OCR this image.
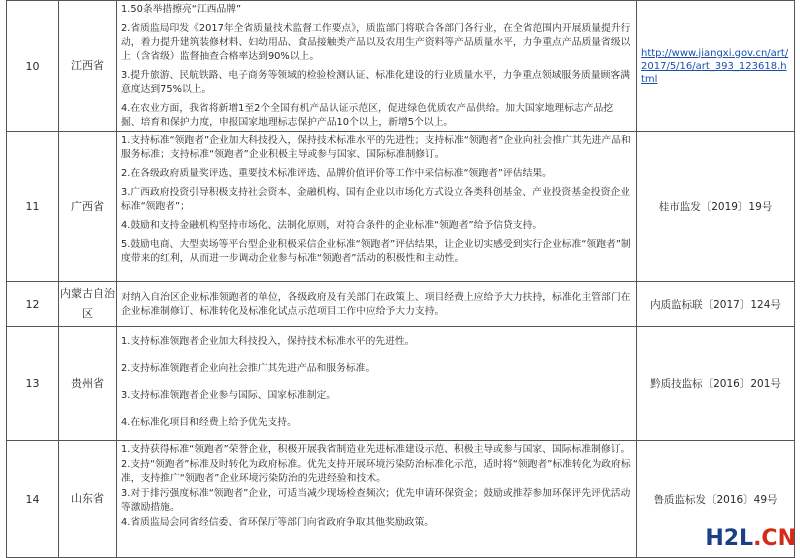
10	江西省	1.50条举措擦亮“江西品牌”

2.省质监局印发《2017年全省质量技术监督工作要点》，质监部门将联合各部门各行业，在全省范围内开展质量提升行动，着力提升建筑装修材料、妇幼用品、食品接触类产品以及农用生产资料等产品质量水平，力争重点产品质量省级以上（含省级）监督抽查合格率达到90%以上。

3.提升旅游、民航铁路、电子商务等领域的检验检测认证、标准化建设的行业质量水平，力争重点领域服务质量顾客满意度达到75%以上。

4.在农业方面，我省将新增1至2个全国有机产品认证示范区，促进绿色优质农产品供给。加大国家地理标志产品挖掘、培育和保护力度，申报国家地理标志保护产品10个以上，新增5个以上。	http://www.jiangxi.gov.cn/art/2017/5/16/art_393_123618.html

11	广西省	1.支持标准“领跑者”企业加大科技投入，保持技术标准水平的先进性；支持标准“领跑者”企业向社会推广其先进产品和服务标准；支持标准“领跑者”企业积极主导或参与国家、国际标准制修订。

2.在各级政府质量奖评选、重要技术标准评选、品牌价值评价等工作中采信标准“领跑者”评估结果。

3.广西政府投资引导积极支持社会资本、金融机构、国有企业以市场化方式设立各类科创基金、产业投资基金投资企业标准“领跑者”；

4.鼓励和支持金融机构坚持市场化、法制化原则，对符合条件的企业标准“领跑者”给予信贷支持。

5.鼓励电商、大型卖场等平台型企业积极采信企业标准“领跑者”评估结果，让企业切实感受到实行企业标准“领跑者”制度带来的红利，从而进一步调动企业参与标准“领跑者”活动的积极性和主动性。	桂市监发〔2019〕19号
12	内蒙古自治区	对纳入自治区企业标准领跑者的单位，各级政府及有关部门在政策上、项目经费上应给予大力扶持，标准化主管部门在企业标准制修订、标准转化及标准化试点示范项目工作中应给予大力支持。	内质监标联〔2017〕124号
13	贵州省	1.支持标准领跑者企业加大科技投入，保持技术标准水平的先进性。

2.支持标准领跑者企业向社会推广其先进产品和服务标准。

3.支持标准领跑者企业参与国际、国家标准制定。

4.在标准化项目和经费上给予优先支持。	黔质技监标〔2016〕201号
14	山东省	1.支持获得标准“领跑者”荣誉企业，积极开展我省制造业先进标准建设示范、积极主导或参与国家、国际标准制修订。

2.支持“领跑者”标准及时转化为政府标准。优先支持开展环境污染防治标准化示范，适时将“领跑者”标准转化为政府标准，支持推广“领跑者”企业环境污染防治的先进经验和技术。

3.对于排污强度标准“领跑者”企业，可适当减少现场检查频次；优先申请环保资金；鼓励或推荐参加环保评先评优活动等激励措施。

4.省质监局会同省经信委、省环保厅等部门向省政府争取其他奖励政策。	鲁质监标发〔2016〕49号
H2L.CN
